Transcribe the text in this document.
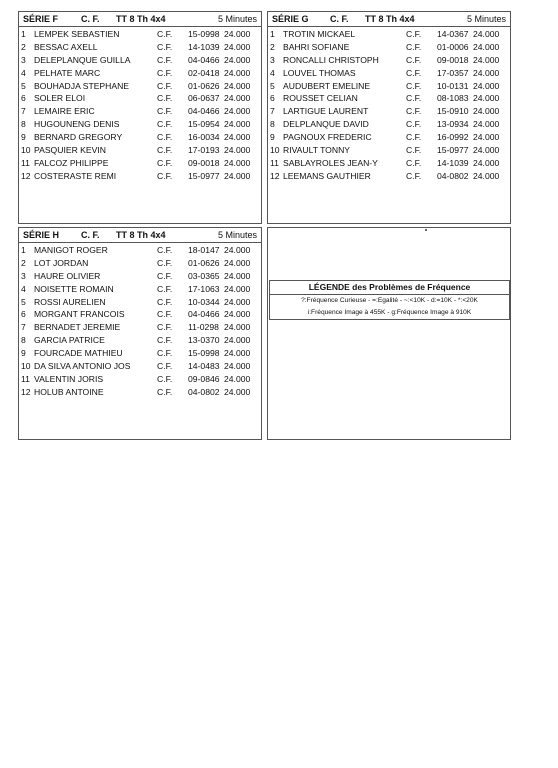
SÉRIE F	C. F. TT 8 Th 4x4	5 Minutes
1 LEMPEK SEBASTIEN	C.F. 15-0998 24.000
2 BESSAC AXELL	C.F. 14-1039 24.000
3 DELEPLANQUE GUILLA	C.F. 04-0466 24.000
4 PELHATE MARC	C.F. 02-0418 24.000
5 BOUHADJA STEPHANE	C.F. 01-0626 24.000
6 SOLER ELOI	C.F. 06-0637 24.000
7 LEMAIRE ERIC	C.F. 04-0466 24.000
8 HUGOUNENG DENIS	C.F. 15-0954 24.000
9 BERNARD GREGORY	C.F. 16-0034 24.000
10 PASQUIER KEVIN	C.F. 17-0193 24.000
11 FALCOZ PHILIPPE	C.F. 09-0018 24.000
12 COSTERASTE REMI	C.F. 15-0977 24.000
SÉRIE G C. F. TT 8 Th 4x4	5 Minutes
1 TROTIN MICKAEL	C.F. 14-0367 24.000
2 BAHRI SOFIANE	C.F. 01-0006 24.000
3 RONCALLI CHRISTOPH	C.F. 09-0018 24.000
4 LOUVEL THOMAS	C.F. 17-0357 24.000
5 AUDUBERT EMELINE	C.F. 10-0131 24.000
6 ROUSSET CELIAN	C.F. 08-1083 24.000
7 LARTIGUE LAURENT	C.F. 15-0910 24.000
8 DELPLANQUE DAVID	C.F. 13-0934 24.000
9 PAGNOUX FREDERIC	C.F. 16-0992 24.000
10 RIVAULT TONNY	C.F. 15-0977 24.000
11 SABLAYROLES JEAN-Y	C.F. 14-1039 24.000
12 LEEMANS GAUTHIER	C.F. 04-0802 24.000
SÉRIE H C. F. TT 8 Th 4x4	5 Minutes
1 MANIGOT ROGER	C.F. 18-0147 24.000
2 LOT JORDAN	C.F. 01-0626 24.000
3 HAURE OLIVIER	C.F. 03-0365 24.000
4 NOISETTE ROMAIN	C.F. 17-1063 24.000
5 ROSSI AURELIEN	C.F. 10-0344 24.000
6 MORGANT FRANCOIS	C.F. 04-0466 24.000
7 BERNADET JEREMIE	C.F. 11-0298 24.000
8 GARCIA PATRICE	C.F. 13-0370 24.000
9 FOURCADE MATHIEU	C.F. 15-0998 24.000
10 DA SILVA ANTONIO JOS	C.F. 14-0483 24.000
11 VALENTIN JORIS	C.F. 09-0846 24.000
12 HOLUB ANTOINE	C.F. 04-0802 24.000
LÉGENDE des Problèmes de Fréquence
?:Fréquence Curieuse - =:Egalité - ~:<10K - d:=10K - *:<20K
i:Fréquence Image à 455K - g:Fréquence Image à 910K
